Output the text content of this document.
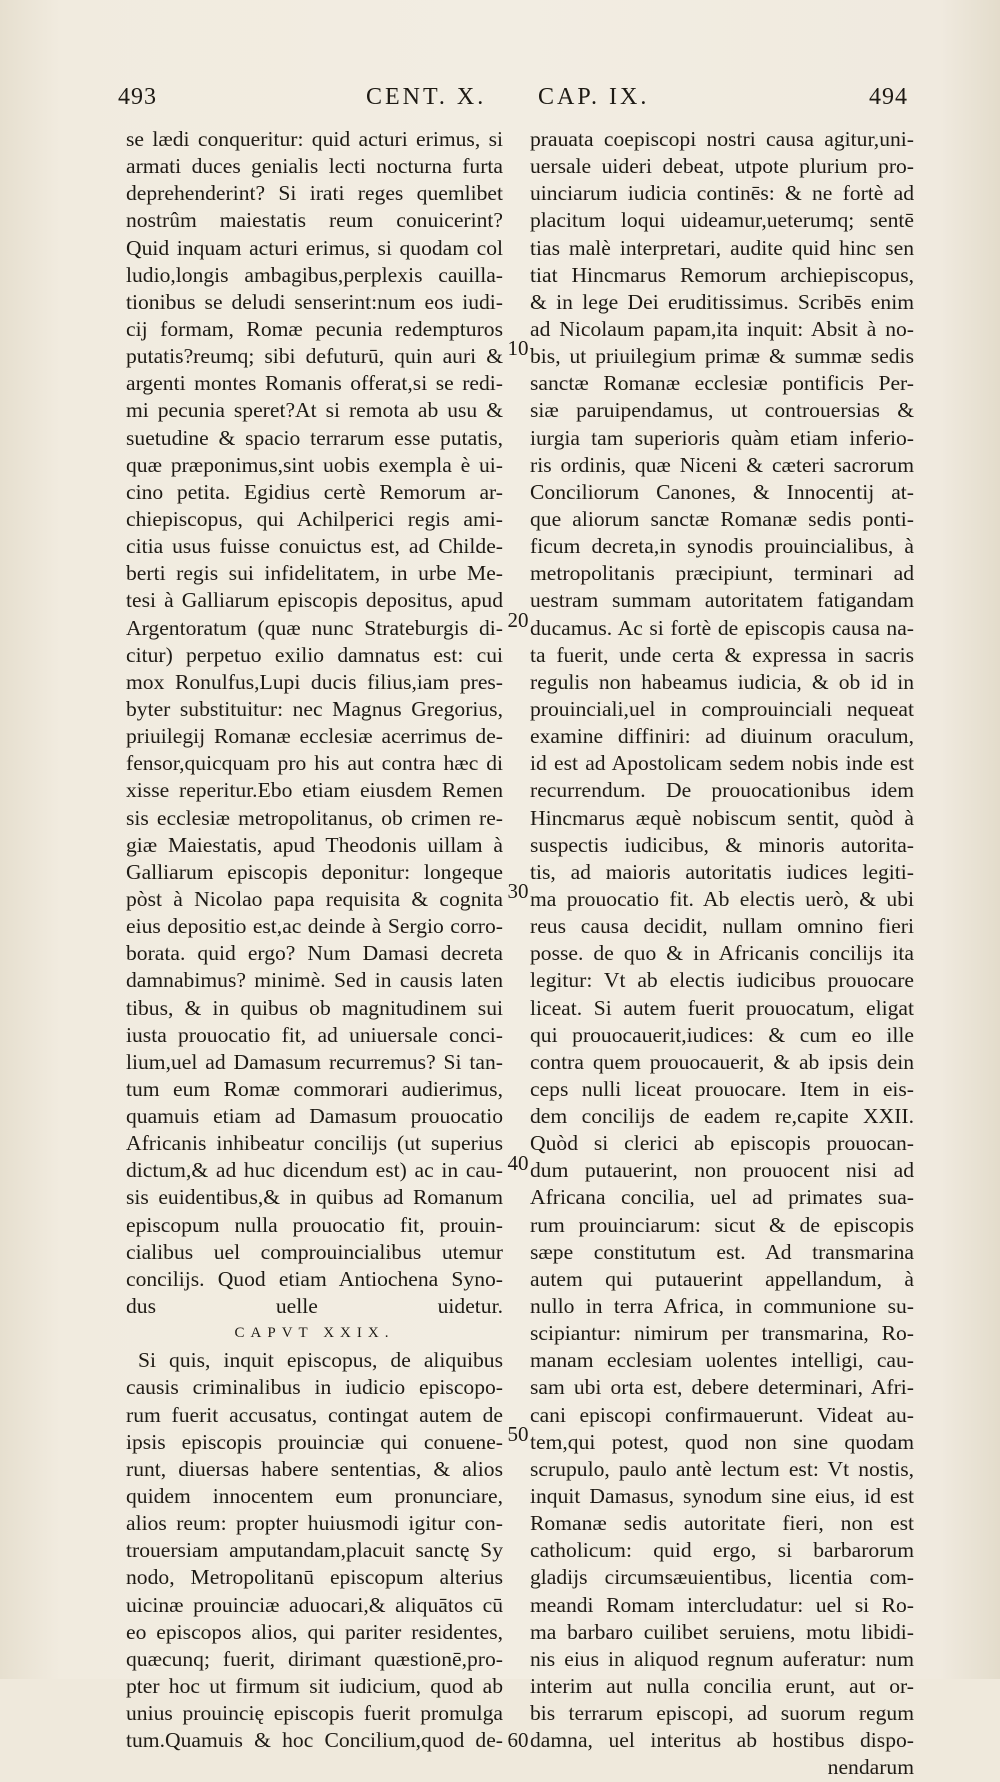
493	CENT. X. CAP. IX.	494
se lædi conqueritur: quid acturi erimus, si
armati duces genialis lecti nocturna furta
deprehenderint? Si irati reges quemlibet
nostrûm maiestatis reum conuicerint?
Quid inquam acturi erimus, si quodam col
ludio,longis ambagibus,perplexis cauilla-
tionibus se deludi senserint:num eos iudi-
cij formam, Romæ pecunia redempturos
putatis?reumq; sibi defuturū, quin auri &
argenti montes Romanis offerat,si se redi-
mi pecunia speret?At si remota ab usu &
suetudine & spacio terrarum esse putatis,
quæ præponimus,sint uobis exempla è ui-
cino petita. Egidius certè Remorum ar-
chiepiscopus, qui Achilperici regis ami-
citia usus fuisse conuictus est, ad Childe-
berti regis sui infidelitatem, in urbe Me-
tesi à Galliarum episcopis depositus, apud
Argentoratum (quæ nunc Strateburgis di-
citur) perpetuo exilio damnatus est: cui
mox Ronulfus,Lupi ducis filius,iam pres-
byter substituitur: nec Magnus Gregorius,
priuilegij Romanæ ecclesiæ acerrimus de-
fensor,quicquam pro his aut contra hæc di
xisse reperitur.Ebo etiam eiusdem Remen
sis ecclesiæ metropolitanus, ob crimen re-
giæ Maiestatis, apud Theodonis uillam à
Galliarum episcopis deponitur: longeque
pòst à Nicolao papa requisita & cognita
eius depositio est,ac deinde à Sergio corro-
borata. quid ergo? Num Damasi decreta
damnabimus? minimè. Sed in causis laten
tibus, & in quibus ob magnitudinem sui
iusta prouocatio fit, ad uniuersale conci-
lium,uel ad Damasum recurremus? Si tan-
tum eum Romæ commorari audierimus,
quamuis etiam ad Damasum prouocatio
Africanis inhibeatur concilijs (ut superius
dictum,& ad huc dicendum est) ac in cau-
sis euidentibus,& in quibus ad Romanum
episcopum nulla prouocatio fit, prouin-
cialibus uel comprouincialibus utemur
concilijs. Quod etiam Antiochena Syno-
dus uelle uidetur.
CAPVT XXIX.
Si quis, inquit episcopus, de aliquibus
causis criminalibus in iudicio episcopo-
rum fuerit accusatus, contingat autem de
ipsis episcopis prouinciæ qui conuene-
runt, diuersas habere sententias, & alios
quidem innocentem eum pronunciare,
alios reum: propter huiusmodi igitur con-
trouersiam amputandam,placuit sanctę Sy
nodo, Metropolitanū episcopum alterius
uicinæ prouinciæ aduocari,& aliquātos cū
eo episcopos alios, qui pariter residentes,
quæcunq; fuerit, dirimant quæstionē,pro-
pter hoc ut firmum sit iudicium, quod ab
unius prouincię episcopis fuerit promulga
tum.Quamuis & hoc Concilium,quod de-
prauata coepiscopi nostri causa agitur,uni-
uersale uideri debeat, utpote plurium pro-
uinciarum iudicia continēs: & ne fortè ad
placitum loqui uideamur,ueterumq; sentē
tias malè interpretari, audite quid hinc sen
tiat Hincmarus Remorum archiepiscopus,
& in lege Dei eruditissimus. Scribēs enim
ad Nicolaum papam,ita inquit: Absit à no-
bis, ut priuilegium primæ & summæ sedis
sanctæ Romanæ ecclesiæ pontificis Per-
siæ paruipendamus, ut controuersias &
iurgia tam superioris quàm etiam inferio-
ris ordinis, quæ Niceni & cæteri sacrorum
Conciliorum Canones, & Innocentij at-
que aliorum sanctæ Romanæ sedis ponti-
ficum decreta,in synodis prouincialibus, à
metropolitanis præcipiunt, terminari ad
uestram summam autoritatem fatigandam
ducamus. Ac si fortè de episcopis causa na-
ta fuerit, unde certa & expressa in sacris
regulis non habeamus iudicia, & ob id in
prouinciali,uel in comprouinciali nequeat
examine diffiniri: ad diuinum oraculum,
id est ad Apostolicam sedem nobis inde est
recurrendum. De prouocationibus idem
Hincmarus æquè nobiscum sentit, quòd à
suspectis iudicibus, & minoris autorita-
tis, ad maioris autoritatis iudices legiti-
ma prouocatio fit. Ab electis uerò, & ubi
reus causa decidit, nullam omnino fieri
posse. de quo & in Africanis concilijs ita
legitur: Vt ab electis iudicibus prouocare
liceat. Si autem fuerit prouocatum, eligat
qui prouocauerit,iudices: & cum eo ille
contra quem prouocauerit, & ab ipsis dein
ceps nulli liceat prouocare. Item in eis-
dem concilijs de eadem re,capite XXII.
Quòd si clerici ab episcopis prouocan-
dum putauerint, non prouocent nisi ad
Africana concilia, uel ad primates sua-
rum prouinciarum: sicut & de episcopis
sæpe constitutum est. Ad transmarina
autem qui putauerint appellandum, à
nullo in terra Africa, in communione su-
scipiantur: nimirum per transmarina, Ro-
manam ecclesiam uolentes intelligi, cau-
sam ubi orta est, debere determinari, Afri-
cani episcopi confirmauerunt. Videat au-
tem,qui potest, quod non sine quodam
scrupulo, paulo antè lectum est: Vt nostis,
inquit Damasus, synodum sine eius, id est
Romanæ sedis autoritate fieri, non est
catholicum: quid ergo, si barbarorum
gladijs circumsæuientibus, licentia com-
meandi Romam intercludatur: uel si Ro-
ma barbaro cuilibet seruiens, motu libidi-
nis eius in aliquod regnum auferatur: num
interim aut nulla concilia erunt, aut or-
bis terrarum episcopi, ad suorum regum
damna, uel interitus ab hostibus dispo-
nendarum
10
20
30
40
50
60
